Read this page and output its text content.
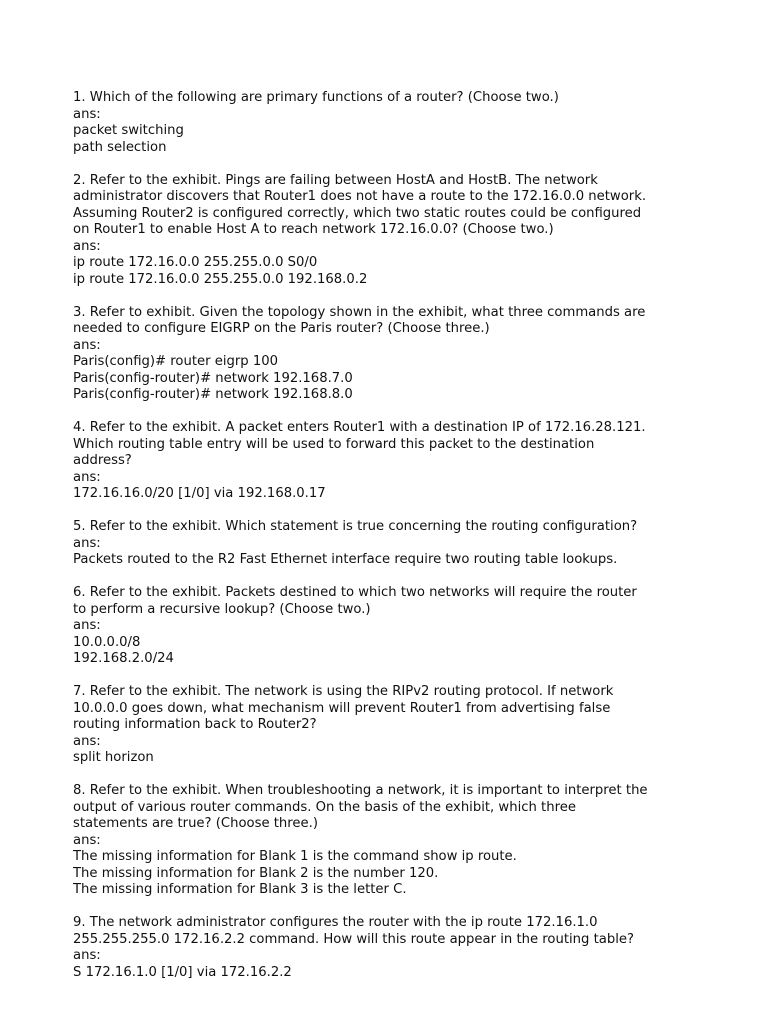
1. Which of the following are primary functions of a router? (Choose two.)
ans:
packet switching
path selection
2. Refer to the exhibit. Pings are failing between HostA and HostB. The network
administrator discovers that Router1 does not have a route to the 172.16.0.0 network.
Assuming Router2 is configured correctly, which two static routes could be configured
on Router1 to enable Host A to reach network 172.16.0.0? (Choose two.)
ans:
ip route 172.16.0.0 255.255.0.0 S0/0
ip route 172.16.0.0 255.255.0.0 192.168.0.2
3. Refer to exhibit. Given the topology shown in the exhibit, what three commands are
needed to configure EIGRP on the Paris router? (Choose three.)
ans:
Paris(config)# router eigrp 100
Paris(config-router)# network 192.168.7.0
Paris(config-router)# network 192.168.8.0
4. Refer to the exhibit. A packet enters Router1 with a destination IP of 172.16.28.121.
Which routing table entry will be used to forward this packet to the destination
address?
ans:
172.16.16.0/20 [1/0] via 192.168.0.17
5. Refer to the exhibit. Which statement is true concerning the routing configuration?
ans:
Packets routed to the R2 Fast Ethernet interface require two routing table lookups.
6. Refer to the exhibit. Packets destined to which two networks will require the router
to perform a recursive lookup? (Choose two.)
ans:
10.0.0.0/8
192.168.2.0/24
7. Refer to the exhibit. The network is using the RIPv2 routing protocol. If network
10.0.0.0 goes down, what mechanism will prevent Router1 from advertising false
routing information back to Router2?
ans:
split horizon
8. Refer to the exhibit. When troubleshooting a network, it is important to interpret the
output of various router commands. On the basis of the exhibit, which three
statements are true? (Choose three.)
ans:
The missing information for Blank 1 is the command show ip route.
The missing information for Blank 2 is the number 120.
The missing information for Blank 3 is the letter C.
9. The network administrator configures the router with the ip route 172.16.1.0
255.255.255.0 172.16.2.2 command. How will this route appear in the routing table?
ans:
S 172.16.1.0 [1/0] via 172.16.2.2
